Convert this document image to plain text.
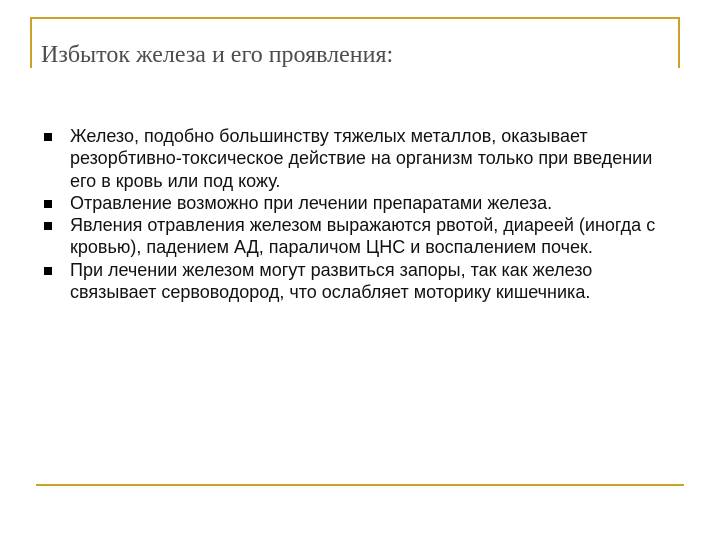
Избыток железа и его проявления:
Железо, подобно большинству тяжелых металлов, оказывает резорбтивно-токсическое действие на организм только при введении его в кровь или под кожу.
Отравление возможно при лечении препаратами железа.
Явления отравления железом выражаются рвотой, диареей (иногда с кровью), падением АД, параличом ЦНС и воспалением почек.
При лечении железом могут развиться запоры, так как железо связывает сервоводород, что ослабляет моторику кишечника.
